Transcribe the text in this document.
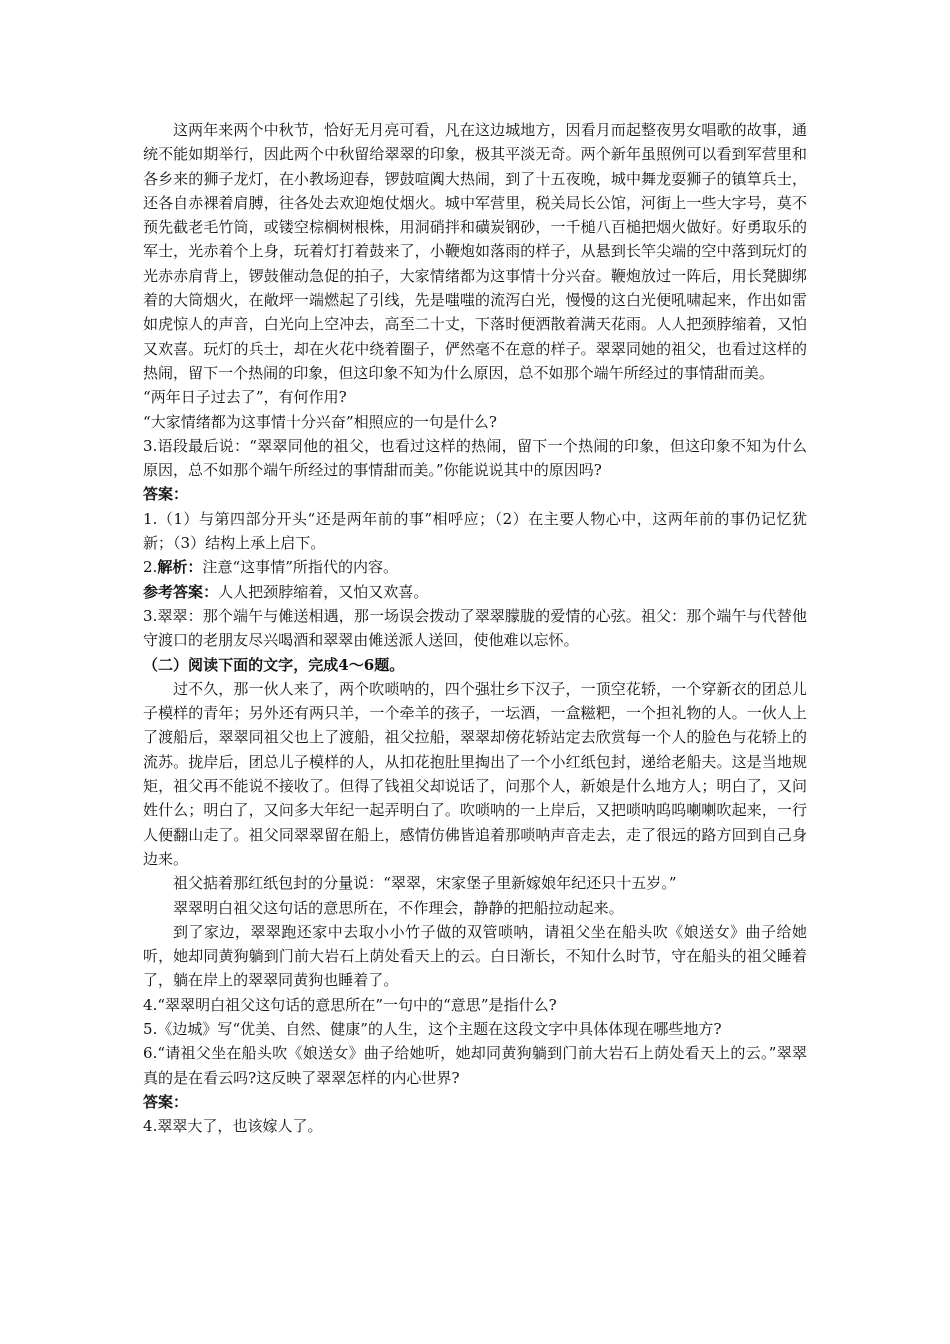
这两年来两个中秋节，恰好无月亮可看，凡在这边城地方，因看月而起整夜男女唱歌的故事，通统不能如期举行，因此两个中秋留给翠翠的印象，极其平淡无奇。两个新年虽照例可以看到军营里和各乡来的狮子龙灯，在小教场迎春，锣鼓喧阗大热闹，到了十五夜晚，城中舞龙耍狮子的镇筸兵士，还各自赤裸着肩膊，往各处去欢迎炮仗烟火。城中军营里，税关局长公馆，河街上一些大字号，莫不预先截老毛竹筒，或镂空棕榈树根株，用洞硝拌和磺炭钢砂，一千槌八百槌把烟火做好。好勇取乐的军士，光赤着个上身，玩着灯打着鼓来了，小鞭炮如落雨的样子，从悬到长竿尖端的空中落到玩灯的光赤赤肩背上，锣鼓催动急促的拍子，大家情绪都为这事情十分兴奋。鞭炮放过一阵后，用长凳脚绑着的大筒烟火，在敞坪一端燃起了引线，先是嗤嗤的流泻白光，慢慢的这白光便吼啸起来，作出如雷如虎惊人的声音，白光向上空冲去，高至二十丈，下落时便洒散着满天花雨。人人把颈脖缩着，又怕又欢喜。玩灯的兵士，却在火花中绕着圈子，俨然毫不在意的样子。翠翠同她的祖父，也看过这样的热闹，留下一个热闹的印象，但这印象不知为什么原因，总不如那个端午所经过的事情甜而美。

“两年日子过去了”，有何作用?

“大家情绪都为这事情十分兴奋”相照应的一句是什么?

3.语段最后说：“翠翠同他的祖父，也看过这样的热闹，留下一个热闹的印象，但这印象不知为什么原因，总不如那个端午所经过的事情甜而美。”你能说说其中的原因吗?

答案：

1.（1）与第四部分开头“还是两年前的事”相呼应；（2）在主要人物心中，这两年前的事仍记忆犹新；（3）结构上承上启下。

2.解析：注意“这事情”所指代的内容。

参考答案：人人把颈脖缩着，又怕又欢喜。

3.翠翠：那个端午与傩送相遇，那一场误会拨动了翠翠朦胧的爱情的心弦。祖父：那个端午与代替他守渡口的老朋友尽兴喝酒和翠翠由傩送派人送回，使他难以忘怀。

（二）阅读下面的文字，完成4～6题。

过不久，那一伙人来了，两个吹唢呐的，四个强壮乡下汉子，一顶空花轿，一个穿新衣的团总儿子模样的青年；另外还有两只羊，一个牵羊的孩子，一坛酒，一盒糍粑，一个担礼物的人。一伙人上了渡船后，翠翠同祖父也上了渡船，祖父拉船，翠翠却傍花轿站定去欣赏每一个人的脸色与花轿上的流苏。拢岸后，团总儿子模样的人，从扣花抱肚里掏出了一个小红纸包封，递给老船夫。这是当地规矩，祖父再不能说不接收了。但得了钱祖父却说话了，问那个人，新娘是什么地方人；明白了，又问姓什么；明白了，又问多大年纪一起弄明白了。吹唢呐的一上岸后，又把唢呐呜呜喇喇吹起来，一行人便翻山走了。祖父同翠翠留在船上，感情仿佛皆追着那唢呐声音走去，走了很远的路方回到自己身边来。

祖父掂着那红纸包封的分量说：“翠翠，宋家堡子里新嫁娘年纪还只十五岁。”

翠翠明白祖父这句话的意思所在，不作理会，静静的把船拉动起来。

到了家边，翠翠跑还家中去取小小竹子做的双管唢呐，请祖父坐在船头吹《娘送女》曲子给她听，她却同黄狗躺到门前大岩石上荫处看天上的云。白日渐长，不知什么时节，守在船头的祖父睡着了，躺在岸上的翠翠同黄狗也睡着了。

4.“翠翠明白祖父这句话的意思所在”一句中的“意思”是指什么?

5.《边城》写“优美、自然、健康”的人生，这个主题在这段文字中具体体现在哪些地方?

6.“请祖父坐在船头吹《娘送女》曲子给她听，她却同黄狗躺到门前大岩石上荫处看天上的云。”翠翠真的是在看云吗?这反映了翠翠怎样的内心世界?

答案：

4.翠翠大了，也该嫁人了。
